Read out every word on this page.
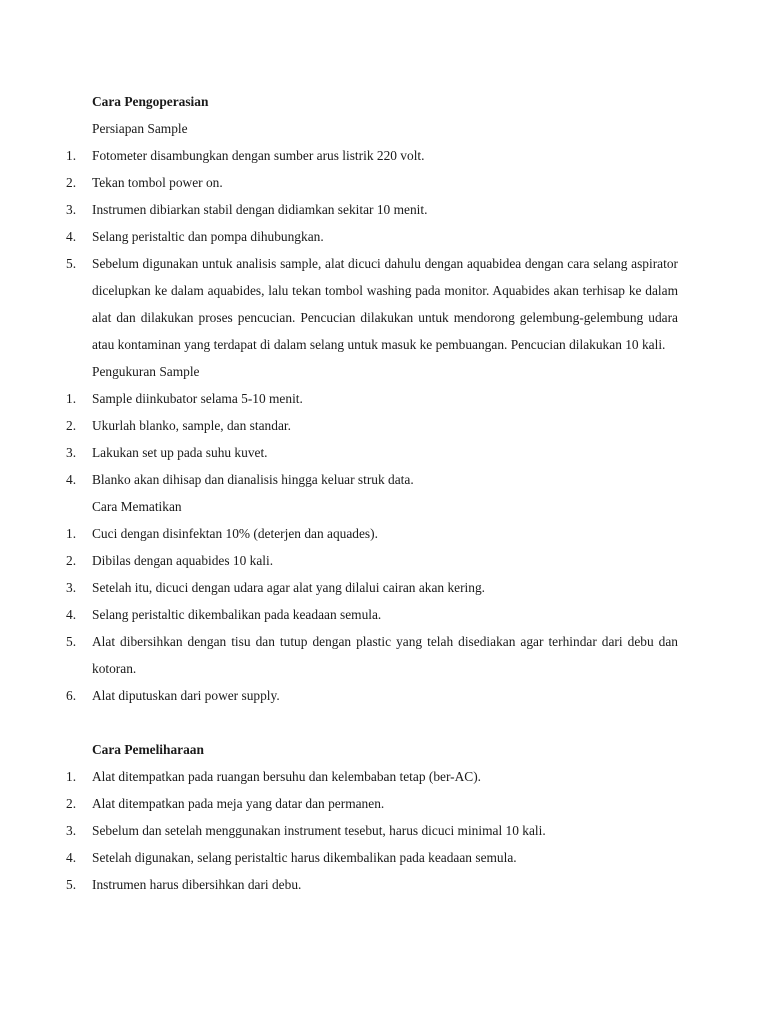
Cara Pengoperasian
Persiapan Sample
1.	Fotometer disambungkan dengan sumber arus listrik 220 volt.
2.	Tekan tombol power on.
3.	Instrumen dibiarkan stabil dengan didiamkan sekitar 10 menit.
4.	Selang peristaltic dan pompa dihubungkan.
5.	Sebelum digunakan untuk analisis sample, alat dicuci dahulu dengan aquabidea dengan cara selang aspirator dicelupkan ke dalam aquabides, lalu tekan tombol washing pada monitor. Aquabides akan terhisap ke dalam alat dan dilakukan proses pencucian. Pencucian dilakukan untuk mendorong gelembung-gelembung udara atau kontaminan yang terdapat di dalam selang untuk masuk ke pembuangan. Pencucian dilakukan 10 kali.
Pengukuran Sample
1.	Sample diinkubator selama 5-10 menit.
2.	Ukurlah blanko, sample, dan standar.
3.	Lakukan set up pada suhu kuvet.
4.	Blanko akan dihisap dan dianalisis hingga keluar struk data.
Cara Mematikan
1.	Cuci dengan disinfektan 10% (deterjen dan aquades).
2.	Dibilas dengan aquabides 10 kali.
3.	Setelah itu, dicuci dengan udara agar alat yang dilalui cairan akan kering.
4.	Selang peristaltic dikembalikan pada keadaan semula.
5.	Alat dibersihkan dengan tisu dan tutup dengan plastic yang telah disediakan agar terhindar dari debu dan kotoran.
6.	Alat diputuskan dari power supply.
Cara Pemeliharaan
1.	Alat ditempatkan pada ruangan bersuhu dan kelembaban tetap (ber-AC).
2.	Alat ditempatkan pada meja yang datar dan permanen.
3.	Sebelum dan setelah menggunakan instrument tesebut, harus dicuci minimal 10 kali.
4.	Setelah digunakan, selang peristaltic harus dikembalikan pada keadaan semula.
5.	Instrumen harus dibersihkan dari debu.
